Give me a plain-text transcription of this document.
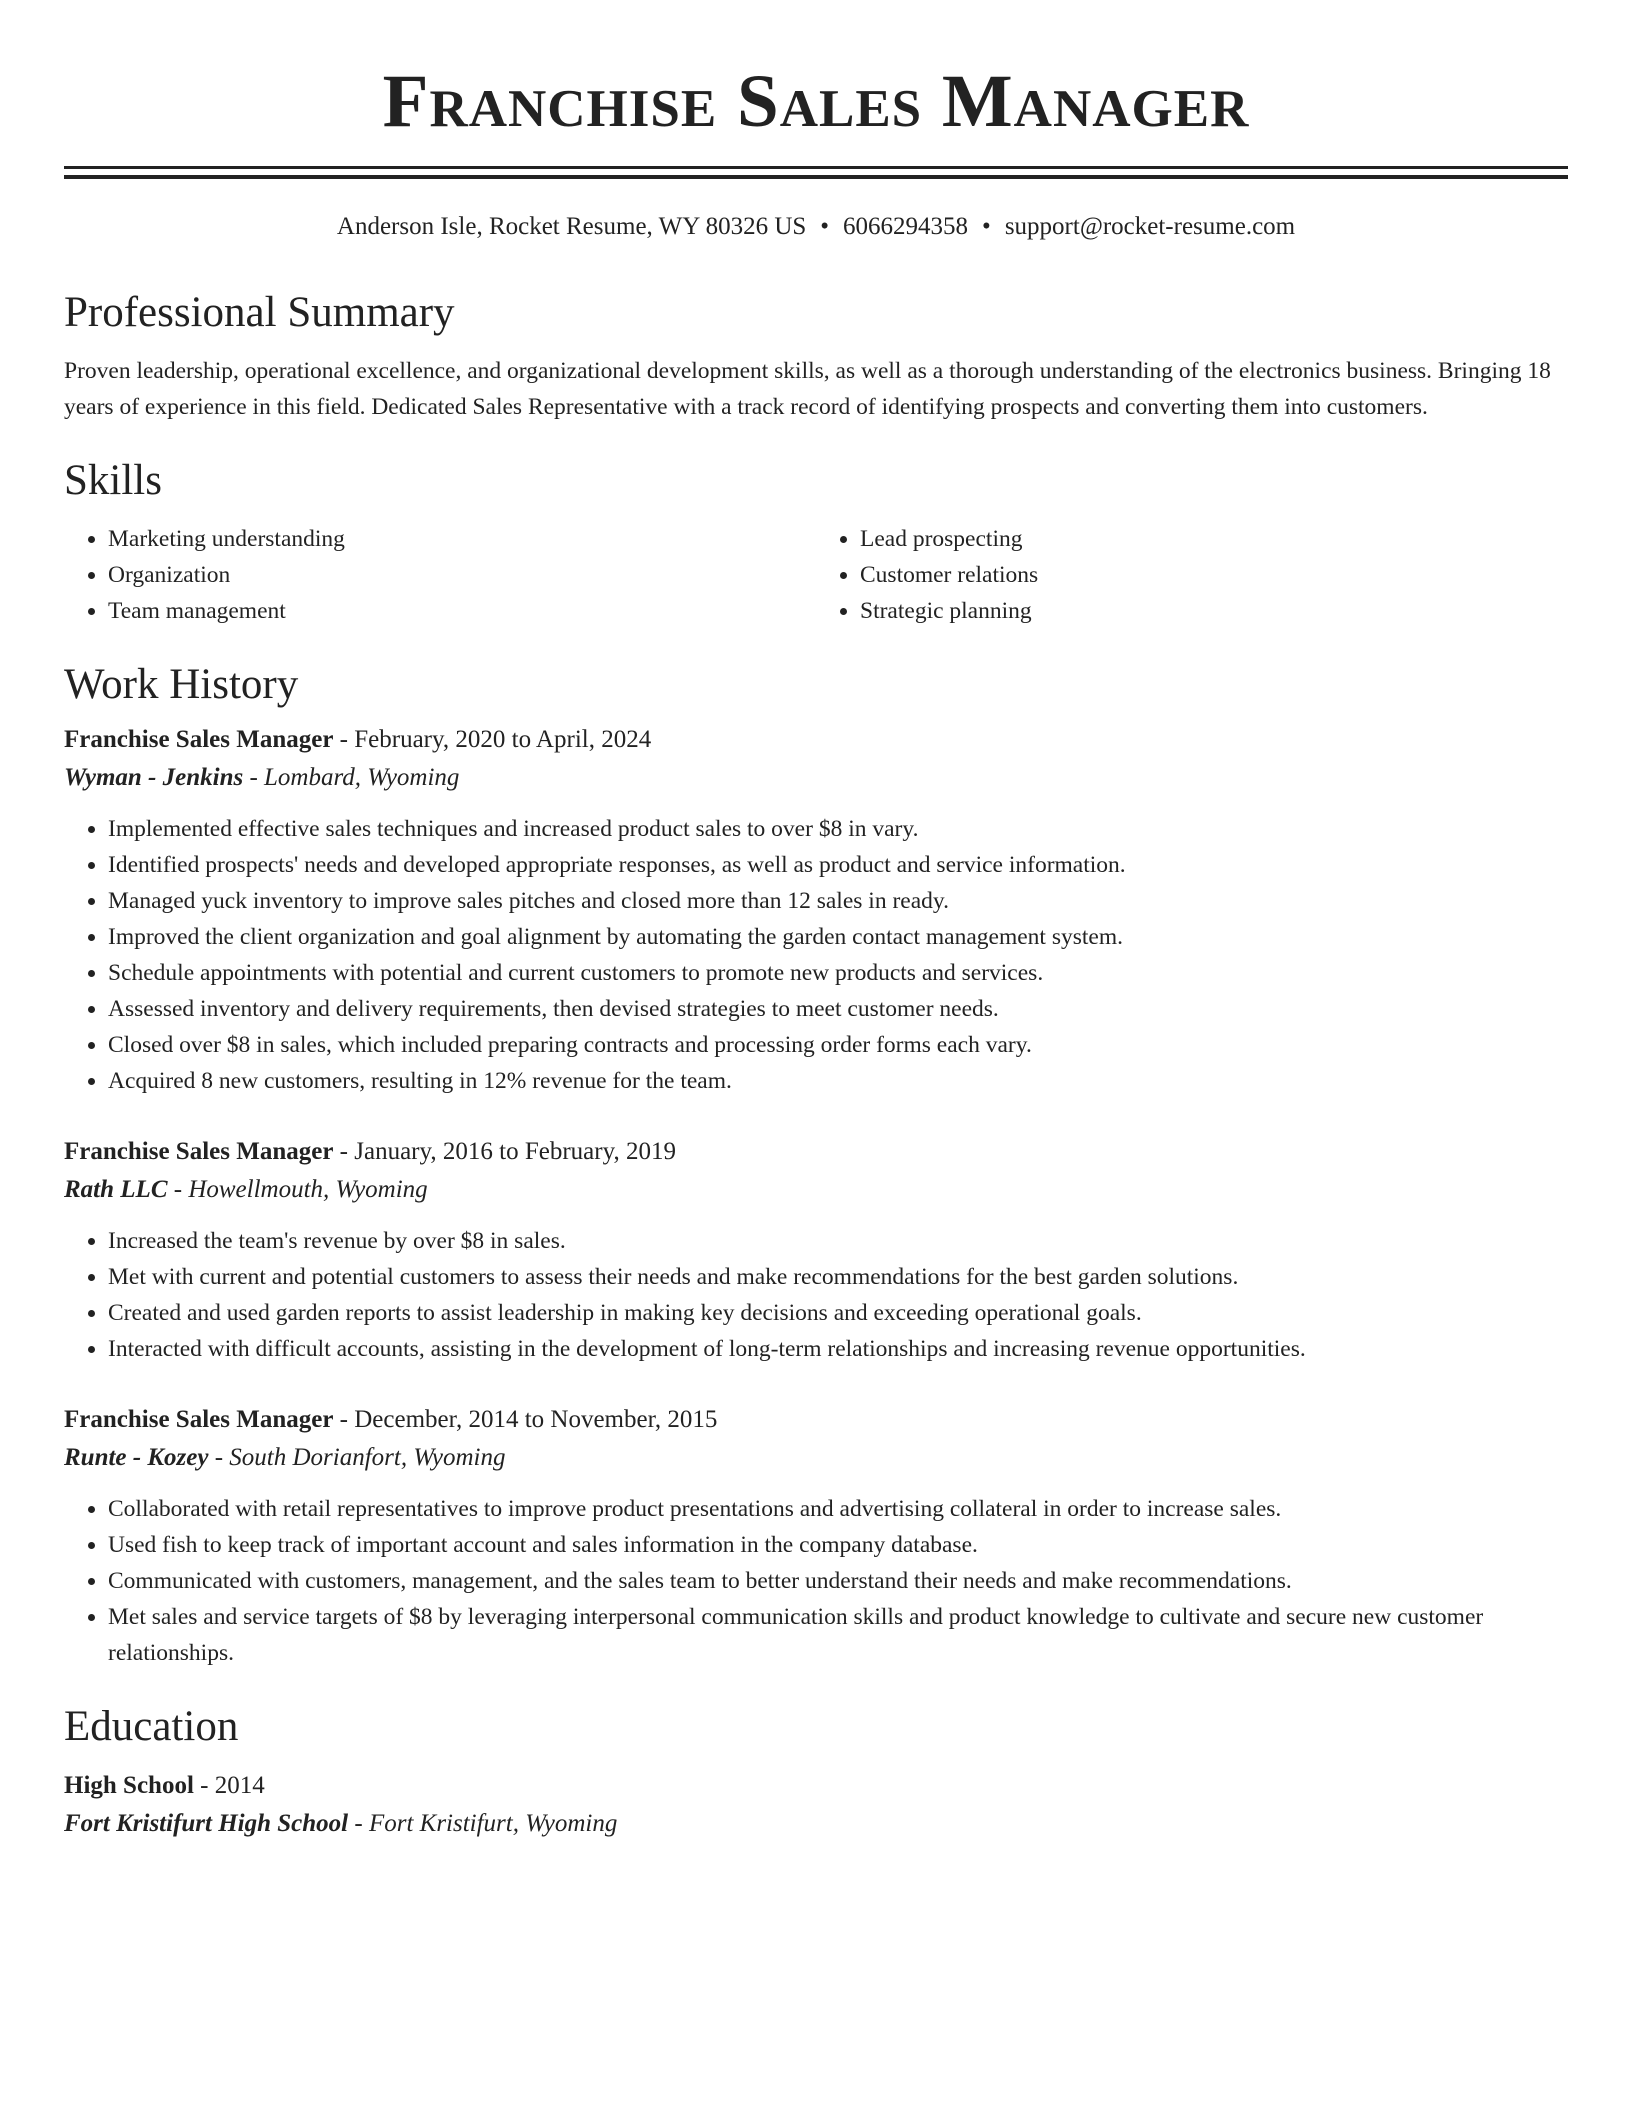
Franchise Sales Manager
Anderson Isle, Rocket Resume, WY 80326 US • 6066294358 • support@rocket-resume.com
Professional Summary

Proven leadership, operational excellence, and organizational development skills, as well as a thorough understanding of the electronics business. Bringing 18 years of experience in this field. Dedicated Sales Representative with a track record of identifying prospects and converting them into customers.

Skills
• Marketing understanding
• Organization
• Team management
• Lead prospecting
• Customer relations
• Strategic planning
Work History
Franchise Sales Manager - February, 2020 to April, 2024
Wyman - Jenkins - Lombard, Wyoming
• Implemented effective sales techniques and increased product sales to over $8 in vary.
• Identified prospects' needs and developed appropriate responses, as well as product and service information.
• Managed yuck inventory to improve sales pitches and closed more than 12 sales in ready.
• Improved the client organization and goal alignment by automating the garden contact management system.
• Schedule appointments with potential and current customers to promote new products and services.
• Assessed inventory and delivery requirements, then devised strategies to meet customer needs.
• Closed over $8 in sales, which included preparing contracts and processing order forms each vary.
• Acquired 8 new customers, resulting in 12% revenue for the team.
Franchise Sales Manager - January, 2016 to February, 2019
Rath LLC - Howellmouth, Wyoming
• Increased the team's revenue by over $8 in sales.
• Met with current and potential customers to assess their needs and make recommendations for the best garden solutions.
• Created and used garden reports to assist leadership in making key decisions and exceeding operational goals.
• Interacted with difficult accounts, assisting in the development of long-term relationships and increasing revenue opportunities.
Franchise Sales Manager - December, 2014 to November, 2015
Runte - Kozey - South Dorianfort, Wyoming
• Collaborated with retail representatives to improve product presentations and advertising collateral in order to increase sales.
• Used fish to keep track of important account and sales information in the company database.
• Communicated with customers, management, and the sales team to better understand their needs and make recommendations.
• Met sales and service targets of $8 by leveraging interpersonal communication skills and product knowledge to cultivate and secure new customer relationships.
Education
High School - 2014
Fort Kristifurt High School - Fort Kristifurt, Wyoming
